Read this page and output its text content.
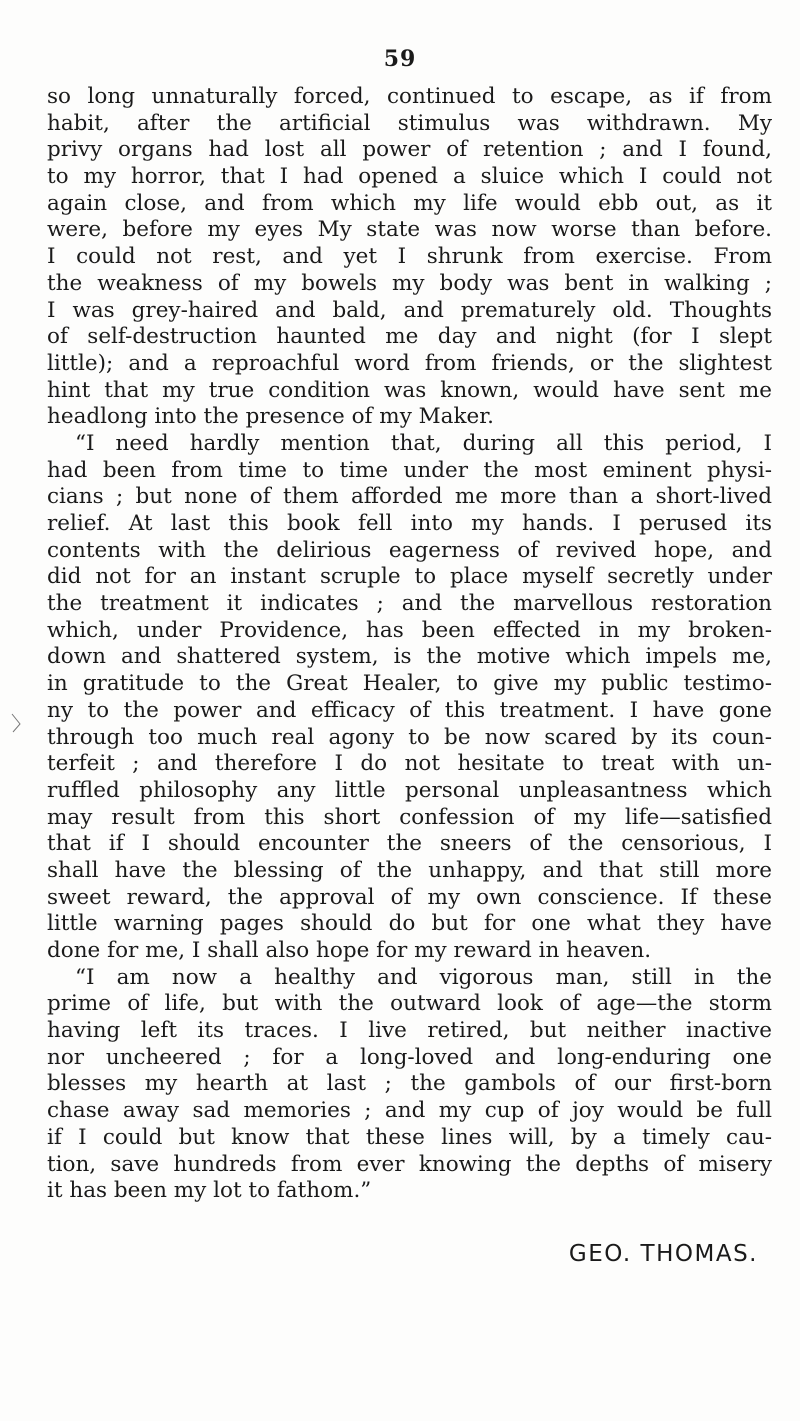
59
so long unnaturally forced, continued to escape, as if from
habit, after the artificial stimulus was withdrawn. My
privy organs had lost all power of retention ; and I found,
to my horror, that I had opened a sluice which I could not
again close, and from which my life would ebb out, as it
were, before my eyes My state was now worse than before.
I could not rest, and yet I shrunk from exercise. From
the weakness of my bowels my body was bent in walking ;
I was grey-haired and bald, and prematurely old. Thoughts
of self-destruction haunted me day and night (for I slept
little); and a reproachful word from friends, or the slightest
hint that my true condition was known, would have sent me
headlong into the presence of my Maker.
“I need hardly mention that, during all this period, I
had been from time to time under the most eminent physi-
cians ; but none of them afforded me more than a short-lived
relief. At last this book fell into my hands. I perused its
contents with the delirious eagerness of revived hope, and
did not for an instant scruple to place myself secretly under
the treatment it indicates ; and the marvellous restoration
which, under Providence, has been effected in my broken-
down and shattered system, is the motive which impels me,
in gratitude to the Great Healer, to give my public testimo-
ny to the power and efficacy of this treatment. I have gone
through too much real agony to be now scared by its coun-
terfeit ; and therefore I do not hesitate to treat with un-
ruffled philosophy any little personal unpleasantness which
may result from this short confession of my life—satisfied
that if I should encounter the sneers of the censorious, I
shall have the blessing of the unhappy, and that still more
sweet reward, the approval of my own conscience. If these
little warning pages should do but for one what they have
done for me, I shall also hope for my reward in heaven.
“I am now a healthy and vigorous man, still in the
prime of life, but with the outward look of age—the storm
having left its traces. I live retired, but neither inactive
nor uncheered ; for a long-loved and long-enduring one
blesses my hearth at last ; the gambols of our first-born
chase away sad memories ; and my cup of joy would be full
if I could but know that these lines will, by a timely cau-
tion, save hundreds from ever knowing the depths of misery
it has been my lot to fathom.”
GEO. THOMAS.
